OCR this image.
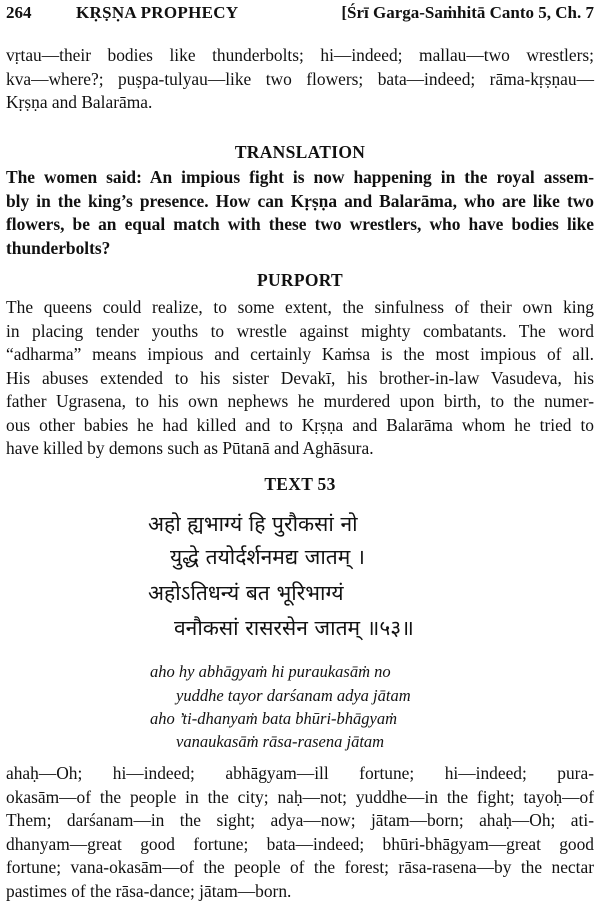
264	KṚṢṆA PROPHECY	[Śrī Garga-Saṁhitā Canto 5, Ch. 7

vṛtau—their bodies like thunderbolts; hi—indeed; mallau—two wrestlers;

kva—where?; puṣpa-tulyau—like two flowers; bata—indeed; rāma-kṛṣṇau—

Kṛṣṇa and Balarāma.

TRANSLATION

The women said: An impious fight is now happening in the royal assem-

bly in the king’s presence. How can Kṛṣṇa and Balarāma, who are like two

flowers, be an equal match with these two wrestlers, who have bodies like

thunderbolts?

PURPORT

The queens could realize, to some extent, the sinfulness of their own king

in placing tender youths to wrestle against mighty combatants. The word

“adharma” means impious and certainly Kaṁsa is the most impious of all.

His abuses extended to his sister Devakī, his brother-in-law Vasudeva, his

father Ugrasena, to his own nephews he murdered upon birth, to the numer-

ous other babies he had killed and to Kṛṣṇa and Balarāma whom he tried to

have killed by demons such as Pūtanā and Aghāsura.

TEXT 53
अहो ह्यभाग्यं हि पुरौकसां नो
युद्धे तयोर्दर्शनमद्य जातम् ।
अहोऽतिधन्यं बत भूरिभाग्यं
वनौकसां रासरसेन जातम् ॥५३॥
aho hy abhāgyaṁ hi puraukasāṁ no
yuddhe tayor darśanam adya jātam
aho ’ti-dhanyaṁ bata bhūri-bhāgyaṁ
vanaukasāṁ rāsa-rasena jātam

ahaḥ—Oh; hi—indeed; abhāgyam—ill fortune; hi—indeed; pura-

okasām—of the people in the city; naḥ—not; yuddhe—in the fight; tayoḥ—of

Them; darśanam—in the sight; adya—now; jātam—born; ahaḥ—Oh; ati-

dhanyam—great good fortune; bata—indeed; bhūri-bhāgyam—great good

fortune; vana-okasām—of the people of the forest; rāsa-rasena—by the nectar

pastimes of the rāsa-dance; jātam—born.
